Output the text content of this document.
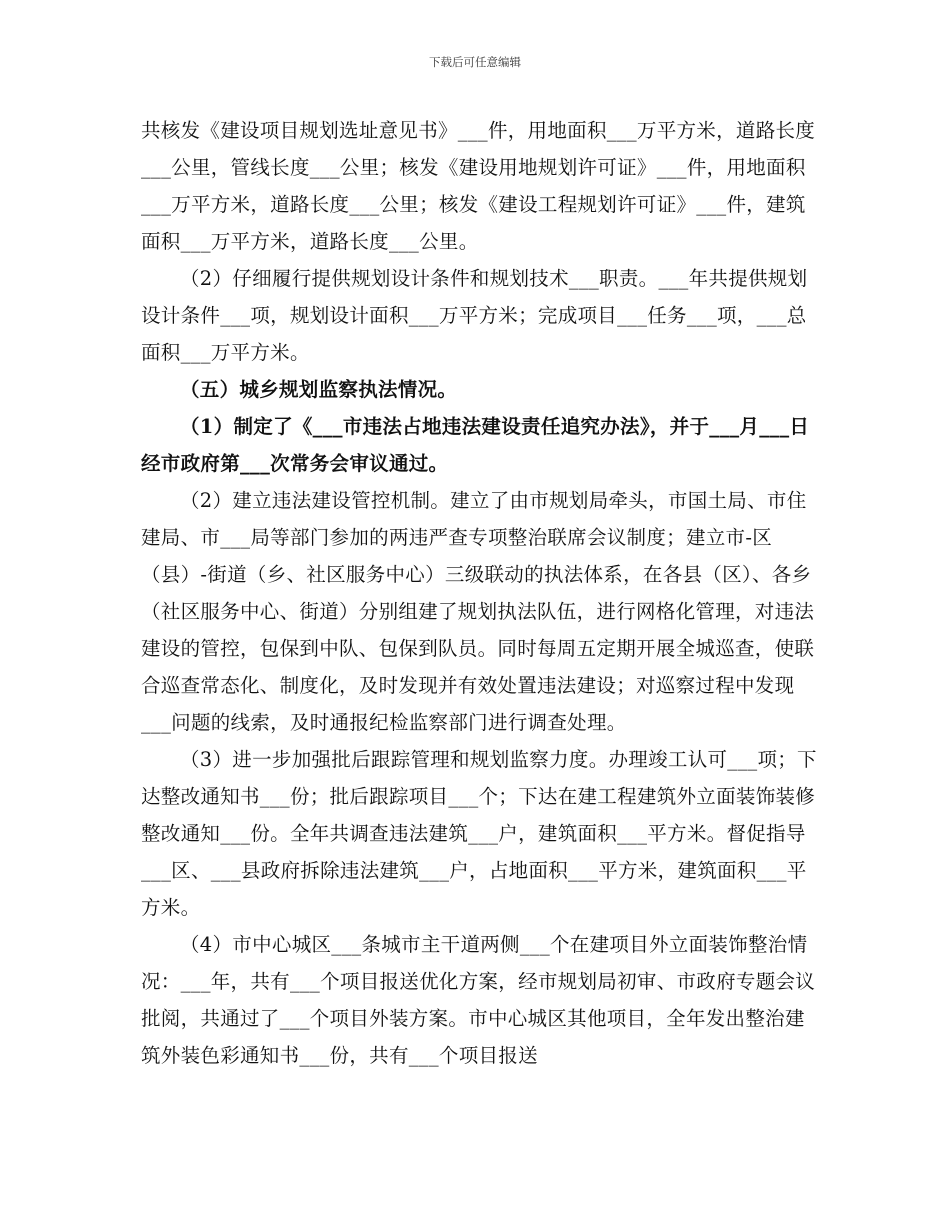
下载后可任意编辑

共核发《建设项目规划选址意见书》___件，用地面积___万平方米，道路长度___公里，管线长度___公里；核发《建设用地规划许可证》___件，用地面积___万平方米，道路长度___公里；核发《建设工程规划许可证》___件，建筑面积___万平方米，道路长度___公里。

（2）仔细履行提供规划设计条件和规划技术___职责。___年共提供规划设计条件___项，规划设计面积___万平方米；完成项目___任务___项，___总面积___万平方米。

（五）城乡规划监察执法情况。

（1）制定了《___市违法占地违法建设责任追究办法》，并于___月___日经市政府第___次常务会审议通过。

（2）建立违法建设管控机制。建立了由市规划局牵头，市国土局、市住建局、市___局等部门参加的两违严查专项整治联席会议制度；建立市-区（县）-街道（乡、社区服务中心）三级联动的执法体系，在各县（区）、各乡（社区服务中心、街道）分别组建了规划执法队伍，进行网格化管理，对违法建设的管控，包保到中队、包保到队员。同时每周五定期开展全城巡查，使联合巡查常态化、制度化，及时发现并有效处置违法建设；对巡察过程中发现___问题的线索，及时通报纪检监察部门进行调查处理。

（3）进一步加强批后跟踪管理和规划监察力度。办理竣工认可___项；下达整改通知书___份；批后跟踪项目___个；下达在建工程建筑外立面装饰装修整改通知___份。全年共调查违法建筑___户，建筑面积___平方米。督促指导___区、___县政府拆除违法建筑___户，占地面积___平方米，建筑面积___平方米。

（4）市中心城区___条城市主干道两侧___个在建项目外立面装饰整治情况：___年，共有___个项目报送优化方案，经市规划局初审、市政府专题会议批阅，共通过了___个项目外装方案。市中心城区其他项目，全年发出整治建筑外装色彩通知书___份，共有___个项目报送
